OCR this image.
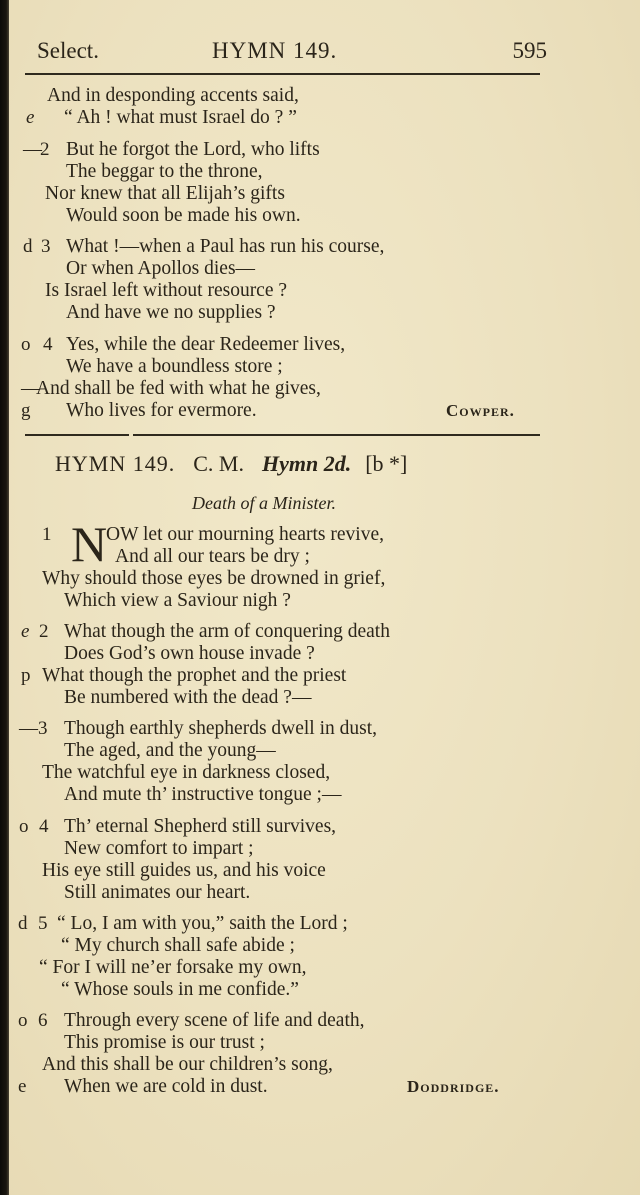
Select.	HYMN 149.	595
And in desponding accents said,
e “ Ah ! what must Israel do ? ”
—
2 But he forgot the Lord, who lifts
The beggar to the throne,
Nor knew that all Elijah’s gifts
Would soon be made his own.
d 3 What !—when a Paul has run his course,
Or when Apollos dies—
Is Israel left without resource ?
And have we no supplies ?
o 4 Yes, while the dear Redeemer lives,
We have a boundless store ;
—
And shall be fed with what he gives,
g Who lives for evermore.	Cowper.
HYMN 149. C. M. Hymn 2d. [b *]
Death of a Minister.
1 N
OW let our mourning hearts revive,
And all our tears be dry ;
Why should those eyes be drowned in grief,
Which view a Saviour nigh ?
e 2 What though the arm of conquering death
Does God’s own house invade ?
p What though the prophet and the priest
Be numbered with the dead ?—
— 3 Though earthly shepherds dwell in dust,
The aged, and the young—
The watchful eye in darkness closed,
And mute th’ instructive tongue ;—
o 4 Th’ eternal Shepherd still survives,
New comfort to impart ;
His eye still guides us, and his voice
Still animates our heart.
d 5 “ Lo, I am with you,” saith the Lord ;
“ My church shall safe abide ;
“ For I will ne’er forsake my own,
“ Whose souls in me confide.”
o 6 Through every scene of life and death,
This promise is our trust ;
And this shall be our children’s song,
e When we are cold in dust.	Doddridge.
